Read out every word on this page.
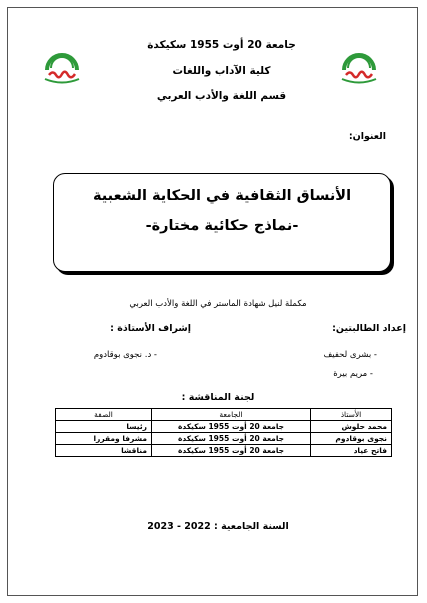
جامعة 20 أوت 1955 سكيكدة
كلية الآداب واللغات
قسم اللغة والأدب العربي
العنوان:
الأنساق الثقافية في الحكاية الشعبية
-نماذج حكائية مختارة-
مكملة لنيل شهادة الماستر في اللغة والأدب العربي
إعداد الطالبتين:
إشراف الأستاذة :
- بشرى لحفيف
- د. نجوى بوقادوم
- مريم بيرة
لجنة المناقشة :
الأستاذ	الجامعة	الصفة
محمد حلوش	جامعة 20 أوت 1955 سكيكدة	رئيسا
نجوى بوقادوم	جامعة 20 أوت 1955 سكيكدة	مشرفا ومقررا
فاتح عياد	جامعة 20 أوت 1955 سكيكدة	مناقشا
السنة الجامعية : 2022 - 2023
